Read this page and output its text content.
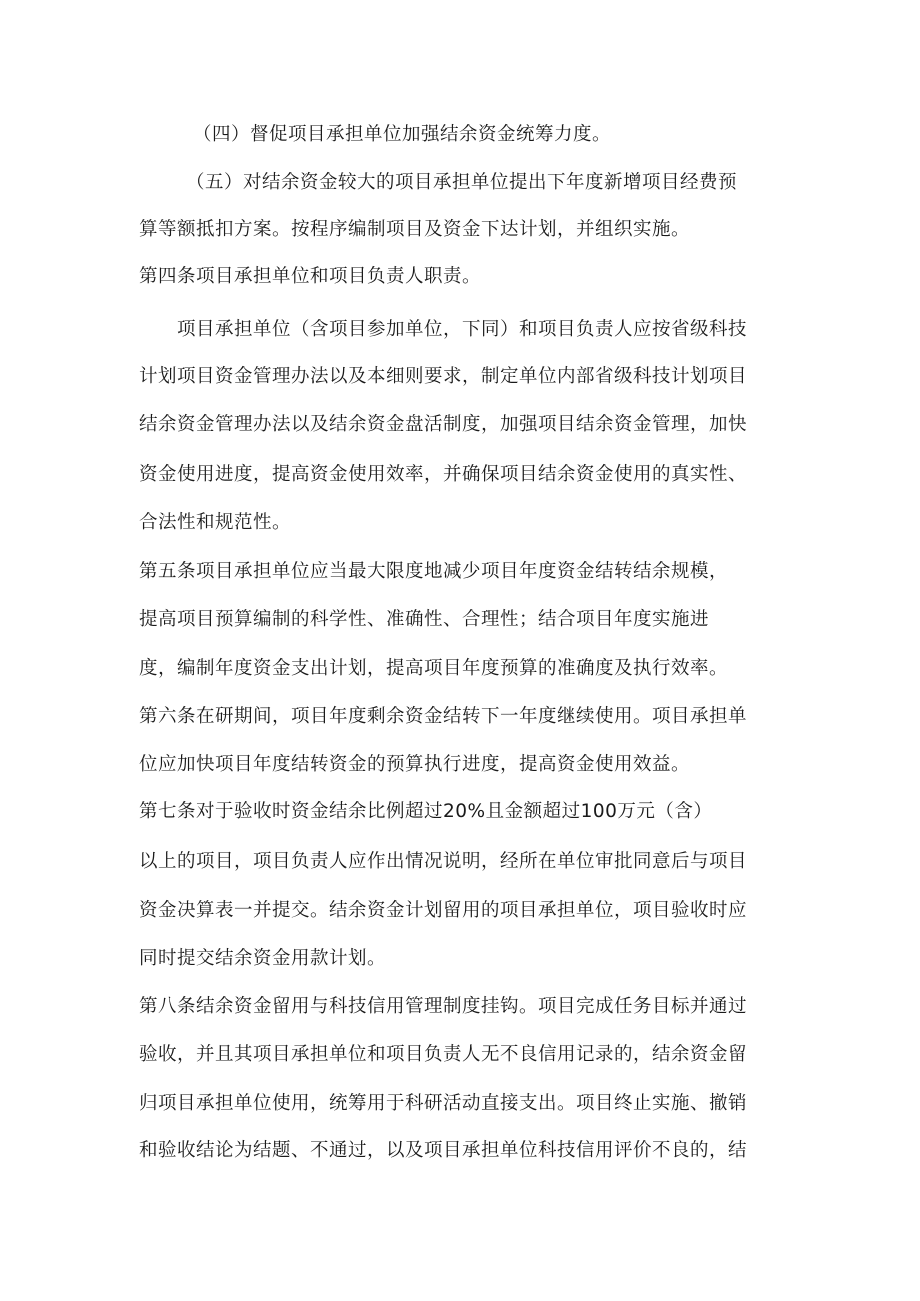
（四）督促项目承担单位加强结余资金统筹力度。
（五）对结余资金较大的项目承担单位提出下年度新增项目经费预
算等额抵扣方案。按程序编制项目及资金下达计划，并组织实施。
第四条项目承担单位和项目负责人职责。
项目承担单位（含项目参加单位，下同）和项目负责人应按省级科技
计划项目资金管理办法以及本细则要求，制定单位内部省级科技计划项目
结余资金管理办法以及结余资金盘活制度，加强项目结余资金管理，加快
资金使用进度，提高资金使用效率，并确保项目结余资金使用的真实性、
合法性和规范性。
第五条项目承担单位应当最大限度地减少项目年度资金结转结余规模，
提高项目预算编制的科学性、准确性、合理性；结合项目年度实施进
度，编制年度资金支出计划，提高项目年度预算的准确度及执行效率。
第六条在研期间，项目年度剩余资金结转下一年度继续使用。项目承担单
位应加快项目年度结转资金的预算执行进度，提高资金使用效益。
第七条对于验收时资金结余比例超过20%且金额超过100万元（含）
以上的项目，项目负责人应作出情况说明，经所在单位审批同意后与项目
资金决算表一并提交。结余资金计划留用的项目承担单位，项目验收时应
同时提交结余资金用款计划。
第八条结余资金留用与科技信用管理制度挂钩。项目完成任务目标并通过
验收，并且其项目承担单位和项目负责人无不良信用记录的，结余资金留
归项目承担单位使用，统筹用于科研活动直接支出。项目终止实施、撤销
和验收结论为结题、不通过，以及项目承担单位科技信用评价不良的，结
